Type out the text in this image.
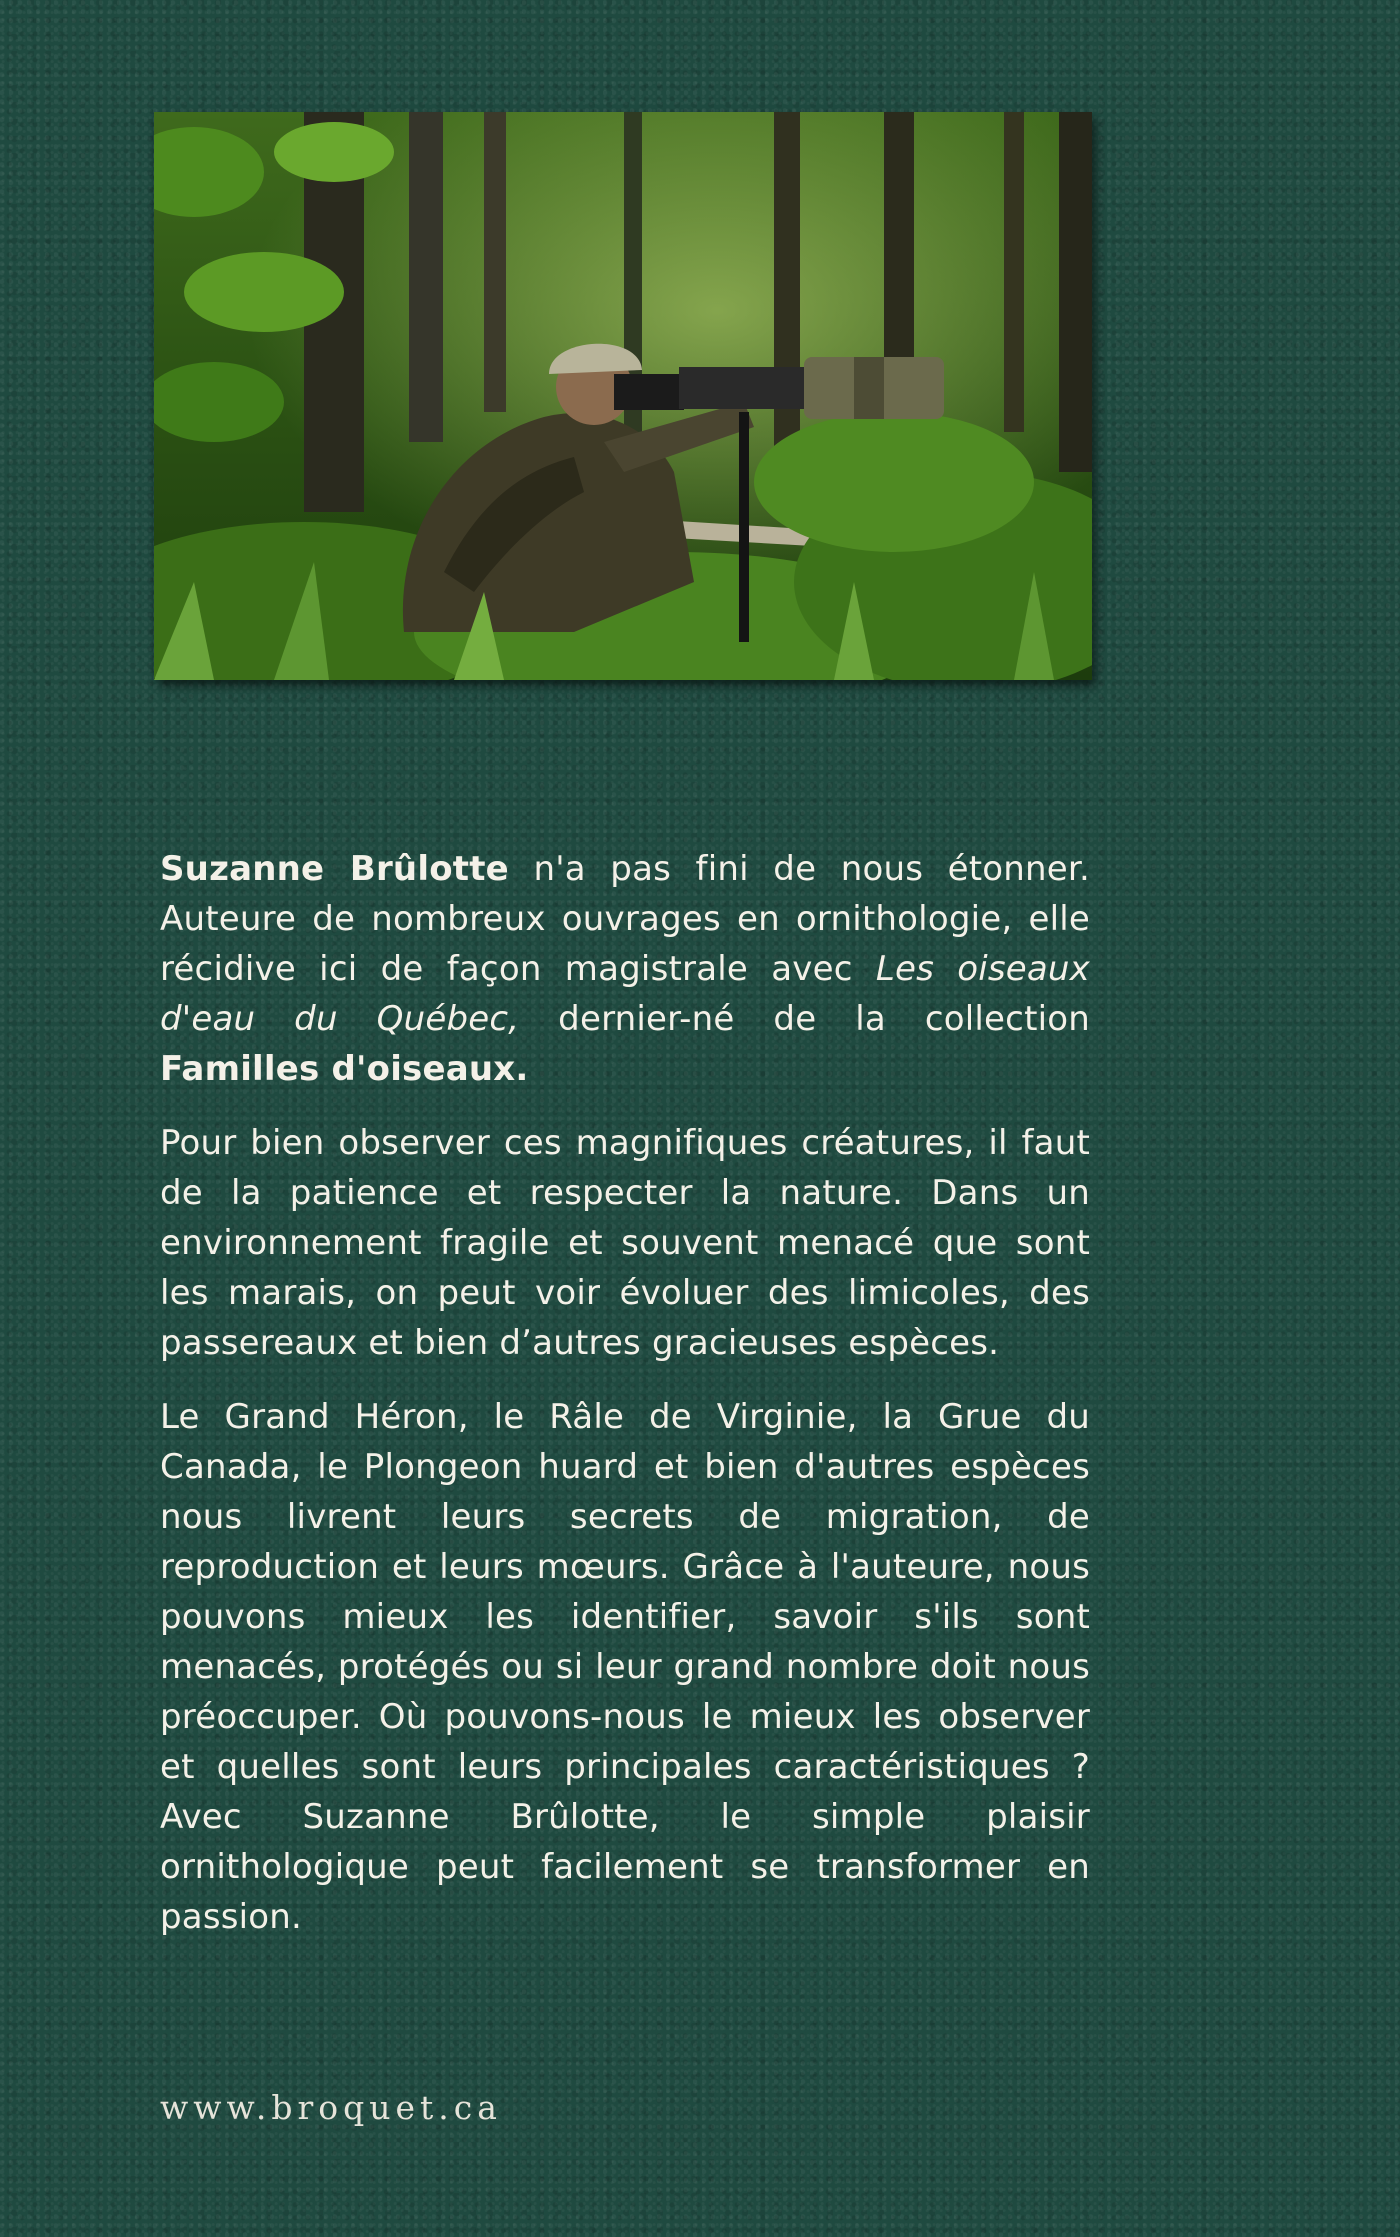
Suzanne Brûlotte n'a pas fini de nous étonner. Auteure de nombreux ouvrages en ornithologie, elle récidive ici de façon magistrale avec Les oiseaux d'eau du Québec, dernier-né de la collection Familles d'oiseaux.

Pour bien observer ces magnifiques créatures, il faut de la patience et respecter la nature. Dans un environnement fragile et souvent menacé que sont les marais, on peut voir évoluer des limicoles, des passereaux et bien d’autres gracieuses espèces.

Le Grand Héron, le Râle de Virginie, la Grue du Canada, le Plongeon huard et bien d'autres espèces nous livrent leurs secrets de migration, de reproduction et leurs mœurs. Grâce à l'auteure, nous pouvons mieux les identifier, savoir s'ils sont menacés, protégés ou si leur grand nombre doit nous préoccuper. Où pouvons-nous le mieux les observer et quelles sont leurs principales caractéristiques ? Avec Suzanne Brûlotte, le simple plaisir ornithologique peut facilement se transformer en passion.

www.broquet.ca
